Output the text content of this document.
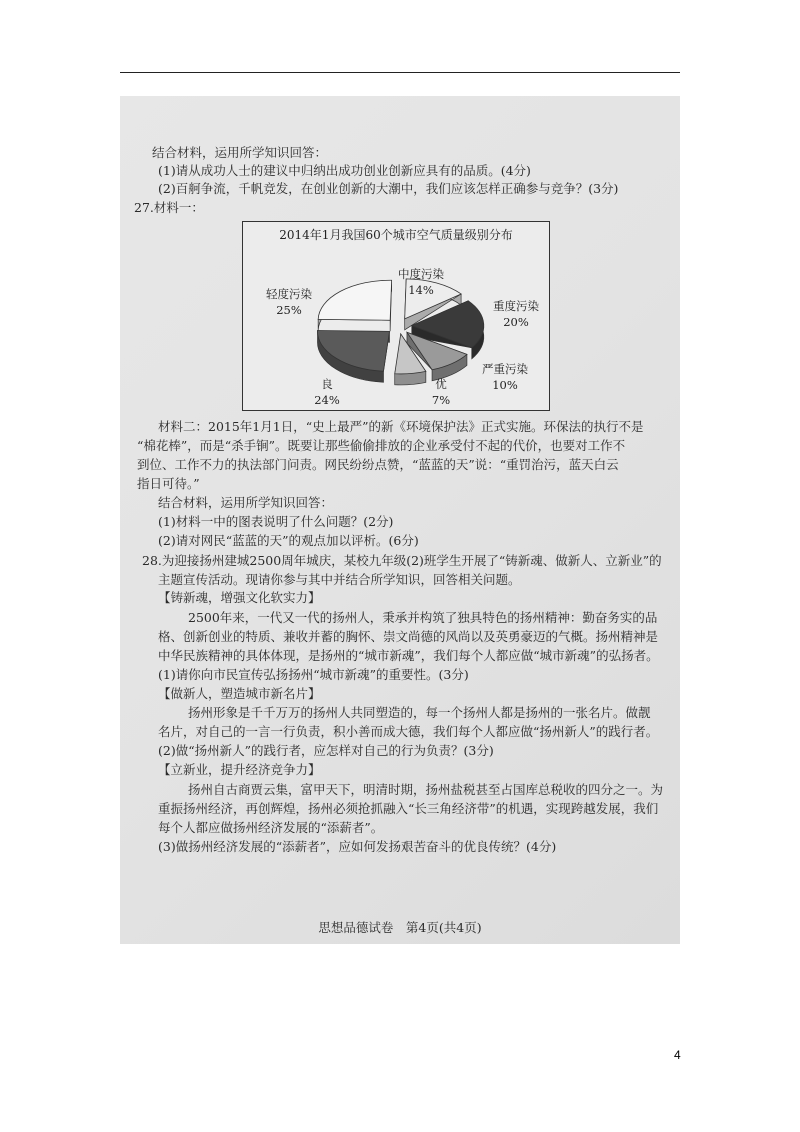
结合材料，运用所学知识回答：
(1)请从成功人士的建议中归纳出成功创业创新应具有的品质。(4分)
(2)百舸争流，千帆竞发，在创业创新的大潮中，我们应该怎样正确参与竞争？(3分)
27.材料一：
2014年1月我国60个城市空气质量级别分布
中度污染
14%
重度污染
20%
严重污染
10%
优
7%
良
24%
轻度污染
25%
材料二：2015年1月1日，“史上最严”的新《环境保护法》正式实施。环保法的执行不是
“棉花棒”，而是“杀手锏”。既要让那些偷偷排放的企业承受付不起的代价，也要对工作不
到位、工作不力的执法部门问责。网民纷纷点赞，“蓝蓝的天”说：“重罚治污，蓝天白云
指日可待。”
结合材料，运用所学知识回答：
(1)材料一中的图表说明了什么问题？(2分)
(2)请对网民“蓝蓝的天”的观点加以评析。(6分)
28.为迎接扬州建城2500周年城庆，某校九年级(2)班学生开展了“铸新魂、做新人、立新业”的
主题宣传活动。现请你参与其中并结合所学知识，回答相关问题。
【铸新魂，增强文化软实力】
2500年来，一代又一代的扬州人，秉承并构筑了独具特色的扬州精神：勤奋务实的品
格、创新创业的特质、兼收并蓄的胸怀、崇文尚德的风尚以及英勇豪迈的气概。扬州精神是
中华民族精神的具体体现，是扬州的“城市新魂”，我们每个人都应做“城市新魂”的弘扬者。
(1)请你向市民宣传弘扬扬州“城市新魂”的重要性。(3分)
【做新人，塑造城市新名片】
扬州形象是千千万万的扬州人共同塑造的，每一个扬州人都是扬州的一张名片。做靓
名片，对自己的一言一行负责，积小善而成大德，我们每个人都应做“扬州新人”的践行者。
(2)做“扬州新人”的践行者，应怎样对自己的行为负责？(3分)
【立新业，提升经济竞争力】
扬州自古商贾云集，富甲天下，明清时期，扬州盐税甚至占国库总税收的四分之一。为
重振扬州经济，再创辉煌，扬州必须抢抓融入“长三角经济带”的机遇，实现跨越发展，我们
每个人都应做扬州经济发展的“添薪者”。
(3)做扬州经济发展的“添薪者”，应如何发扬艰苦奋斗的优良传统？(4分)
思想品德试卷　第4页(共4页)
4
